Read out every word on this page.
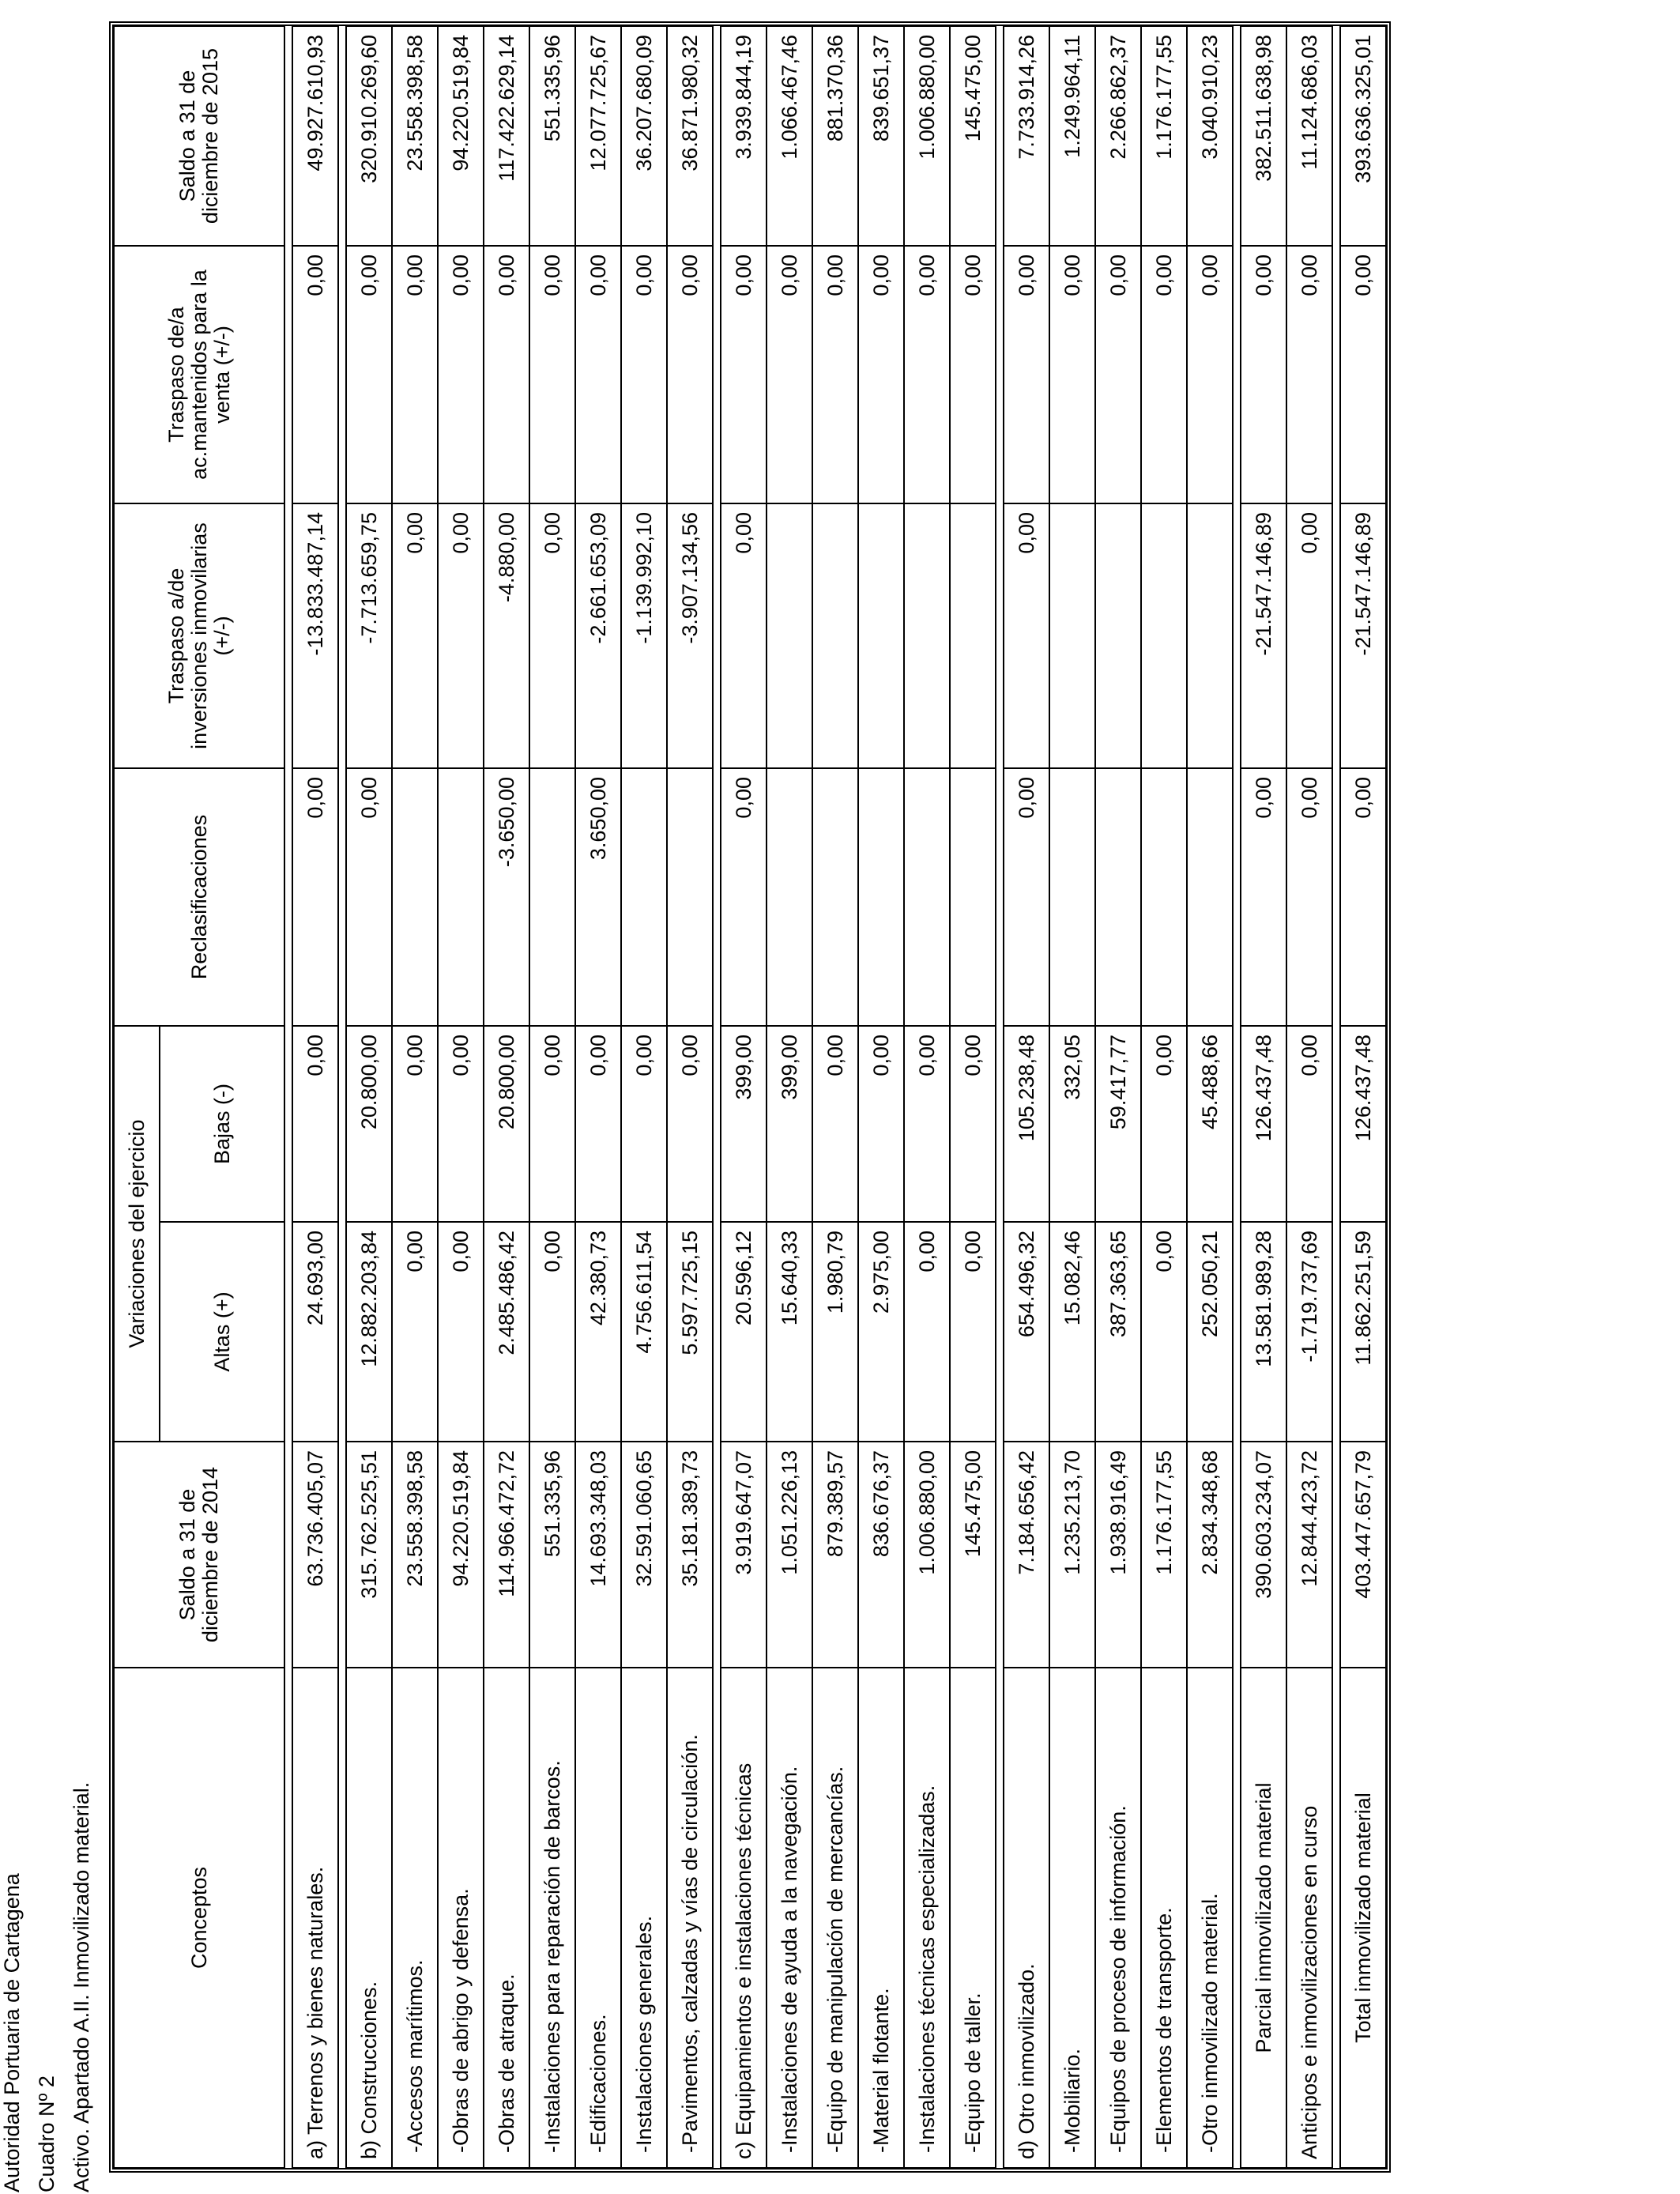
Autoridad Portuaria de Cartagena Cuadro Nº 2 Activo. Apartado A.II. Inmovilizado material.	Conceptos	Saldo a 31 de diciembre de 2014	Variaciones del ejercicio		Reclasificaciones	Traspaso a/de inversiones inmovilarias (+/-)	Traspaso de/a ac.mantenidos para la venta (+/-)	Saldo a 31 de diciembre de 2015
		Altas (+)	Bajas (-)				

a) Terrenos y bienes naturales.	63.736.405,07	24.693,00	0,00	0,00	-13.833.487,14	0,00	49.927.610,93

b) Construcciones.	315.762.525,51	12.882.203,84	20.800,00	0,00	-7.713.659,75	0,00	320.910.269,60
-Accesos marítimos.	23.558.398,58	0,00	0,00		0,00	0,00	23.558.398,58
-Obras de abrigo y defensa.	94.220.519,84	0,00	0,00		0,00	0,00	94.220.519,84
-Obras de atraque.	114.966.472,72	2.485.486,42	20.800,00	-3.650,00	-4.880,00	0,00	117.422.629,14
-Instalaciones para reparación de barcos.	551.335,96	0,00	0,00		0,00	0,00	551.335,96
-Edificaciones.	14.693.348,03	42.380,73	0,00	3.650,00	-2.661.653,09	0,00	12.077.725,67
-Instalaciones generales.	32.591.060,65	4.756.611,54	0,00		-1.139.992,10	0,00	36.207.680,09
-Pavimentos, calzadas y vías de circulación.	35.181.389,73	5.597.725,15	0,00		-3.907.134,56	0,00	36.871.980,32

c) Equipamientos e instalaciones técnicas	3.919.647,07	20.596,12	399,00	0,00	0,00	0,00	3.939.844,19
-Instalaciones de ayuda a la navegación.	1.051.226,13	15.640,33	399,00			0,00	1.066.467,46
-Equipo de manipulación de mercancías.	879.389,57	1.980,79	0,00			0,00	881.370,36
-Material flotante.	836.676,37	2.975,00	0,00			0,00	839.651,37
-Instalaciones técnicas especializadas.	1.006.880,00	0,00	0,00			0,00	1.006.880,00
-Equipo de taller.	145.475,00	0,00	0,00			0,00	145.475,00

d) Otro inmovilizado.	7.184.656,42	654.496,32	105.238,48	0,00	0,00	0,00	7.733.914,26
-Mobiliario.	1.235.213,70	15.082,46	332,05			0,00	1.249.964,11
-Equipos de proceso de información.	1.938.916,49	387.363,65	59.417,77			0,00	2.266.862,37
-Elementos de transporte.	1.176.177,55	0,00	0,00			0,00	1.176.177,55
-Otro inmovilizado material.	2.834.348,68	252.050,21	45.488,66			0,00	3.040.910,23

Parcial inmovilizado material	390.603.234,07	13.581.989,28	126.437,48	0,00	-21.547.146,89	0,00	382.511.638,98
Anticipos e inmovilizaciones en curso	12.844.423,72	-1.719.737,69	0,00	0,00	0,00	0,00	11.124.686,03

Total inmovilizado material	403.447.657,79	11.862.251,59	126.437,48	0,00	-21.547.146,89	0,00	393.636.325,01
